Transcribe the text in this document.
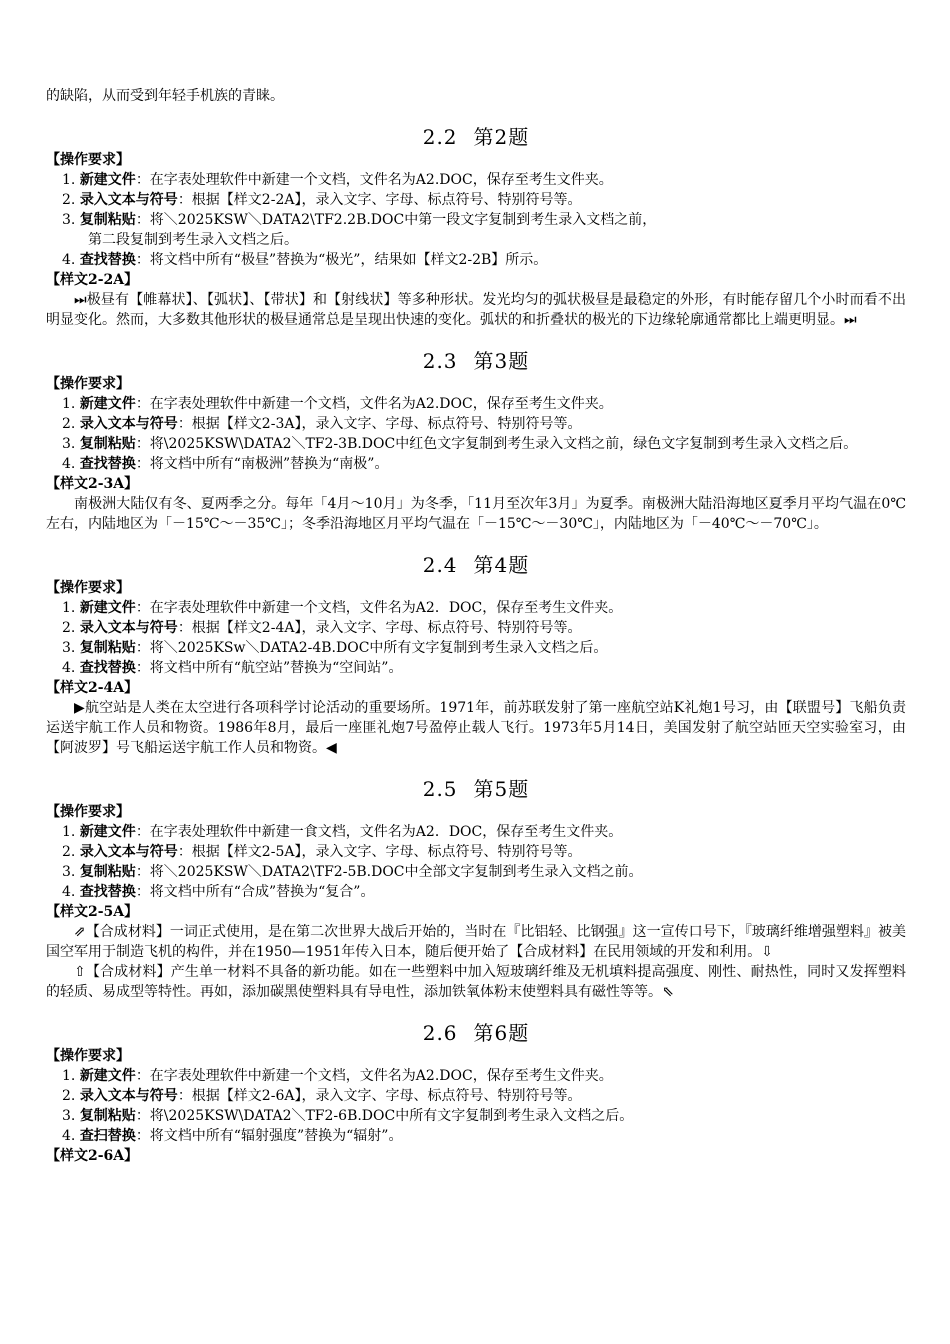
的缺陷，从而受到年轻手机族的青睐。
2.2 第2题
【操作要求】
1. 新建文件：在字表处理软件中新建一个文档，文件名为A2.DOC，保存至考生文件夹。
2. 录入文本与符号：根据【样文2-2A】，录入文字、字母、标点符号、特别符号等。
3. 复制粘贴：将＼2025KSW＼DATA2\TF2.2B.DOC中第一段文字复制到考生录入文档之前，
第二段复制到考生录入文档之后。
4. 查找替换：将文档中所有“极昼”替换为“极光”，结果如【样文2-2B】所示。
【样文2-2A】
⏭极昼有【帷幕状】、【弧状】、【带状】和【射线状】等多种形状。发光均匀的弧状极昼是最稳定的外形，有时能存留几个小时而看不出明显变化。然而，大多数其他形状的极昼通常总是呈现出快速的变化。弧状的和折叠状的极光的下边缘轮廓通常都比上端更明显。⏭
2.3 第3题
【操作要求】
1. 新建文件：在字表处理软件中新建一个文档，文件名为A2.DOC，保存至考生文件夹。
2. 录入文本与符号：根据【样文2-3A】，录入文字、字母、标点符号、特别符号等。
3. 复制粘贴：将\2025KSW\DATA2＼TF2-3B.DOC中红色文字复制到考生录入文档之前，绿色文字复制到考生录入文档之后。
4. 查找替换：将文档中所有“南极洲”替换为“南极”。
【样文2-3A】
南极洲大陆仅有冬、夏两季之分。每年「4月～10月」为冬季，「11月至次年3月」为夏季。南极洲大陆沿海地区夏季月平均气温在0℃左右，内陆地区为「－15℃～－35℃」；冬季沿海地区月平均气温在「－15℃～－30℃」，内陆地区为「－40℃～－70℃」。
2.4 第4题
【操作要求】
1. 新建文件：在字表处理软件中新建一个文档，文件名为A2．DOC，保存至考生文件夹。
2. 录入文本与符号：根据【样文2-4A】，录入文字、字母、标点符号、特别符号等。
3. 复制粘贴：将＼2025KSw＼DATA2-4B.DOC中所有文字复制到考生录入文档之后。
4. 查找替换：将文档中所有“航空站”替换为“空间站”。
【样文2-4A】
▶航空站是人类在太空进行各项科学讨论活动的重要场所。1971年，前苏联发射了第一座航空站K礼炮1号习，由【联盟号】飞船负责运送宇航工作人员和物资。1986年8月，最后一座匪礼炮7号盈停止载人飞行。1973年5月14日，美国发射了航空站匝天空实验室习，由【阿波罗】号飞船运送宇航工作人员和物资。◀
2.5 第5题
【操作要求】
1. 新建文件：在字表处理软件中新建一食文档，文件名为A2．DOC，保存至考生文件夹。
2. 录入文本与符号：根据【样文2-5A】，录入文字、字母、标点符号、特别符号等。
3. 复制粘贴：将＼2025KSW＼DATA2\TF2-5B.DOC中全部文字复制到考生录入文档之前。
4. 查找替换：将文档中所有“合成”替换为“复合”。
【样文2-5A】
⇗【合成材料】一词正式使用，是在第二次世界大战后开始的，当时在『比铝轻、比钢强』这一宣传口号下，『玻璃纤维增强塑料』被美国空军用于制造飞机的构件，并在1950—1951年传入日本，随后便开始了【合成材料】在民用领域的开发和利用。⇩
⇧【合成材料】产生单一材料不具备的新功能。如在一些塑料中加入短玻璃纤维及无机填料提高强度、刚性、耐热性，同时又发挥塑料的轻质、易成型等特性。再如，添加碳黑使塑料具有导电性，添加铁氧体粉末使塑料具有磁性等等。⇖
2.6 第6题
【操作要求】
1. 新建文件：在字表处理软件中新建一个文档，文件名为A2.DOC，保存至考生文件夹。
2. 录入文本与符号：根据【样文2-6A】，录入文字、字母、标点符号、特别符号等。
3. 复制粘贴：将\2025KSW\DATA2＼TF2-6B.DOC中所有文字复制到考生录入文档之后。
4. 查扫替换：将文档中所有“辐射强度”替换为“辐射”。
【样文2-6A】
